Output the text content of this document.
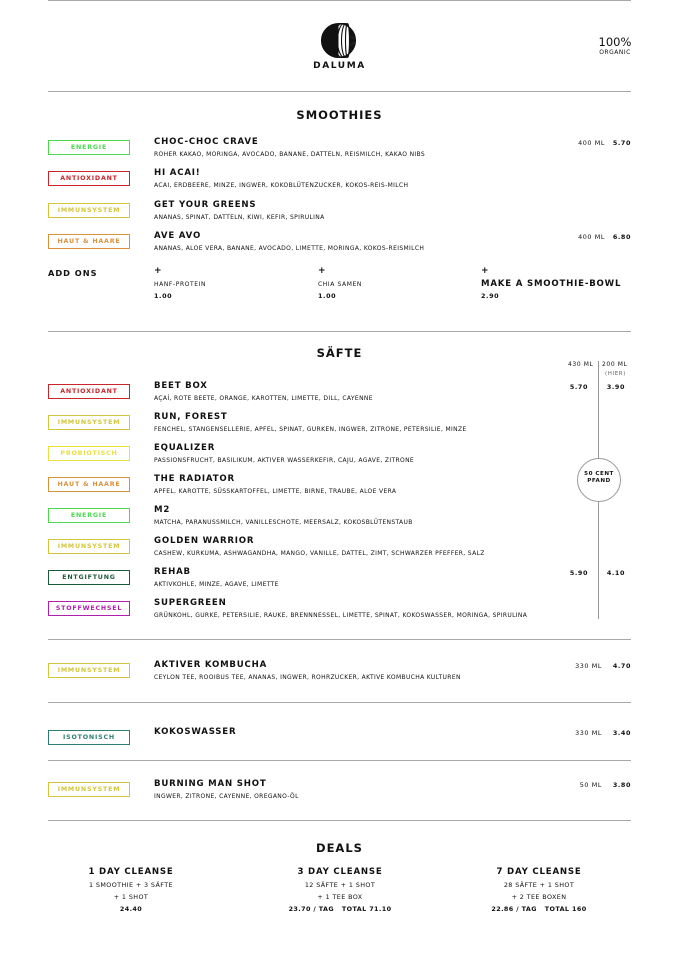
DALUMA
100%
ORGANIC
SMOOTHIES
ENERGIE
CHOC-CHOC CRAVE
ROHER KAKAO, MORINGA, AVOCADO, BANANE, DATTELN, REISMILCH, KAKAO NIBS
400 ML 5.70
ANTIOXIDANT
HI ACAI!
ACAI, ERDBEERE, MINZE, INGWER, KOKOBLÜTENZUCKER, KOKOS-REIS-MILCH
IMMUNSYSTEM
GET YOUR GREENS
ANANAS, SPINAT, DATTELN, KIWI, KEFIR, SPIRULINA
HAUT & HAARE
AVE AVO
ANANAS, ALOE VERA, BANANE, AVOCADO, LIMETTE, MORINGA, KOKOS-REISMILCH
400 ML 6.80
ADD ONS	+
HANF-PROTEIN
1.00
+
CHIA SAMEN
1.00
+
MAKE A SMOOTHIE-BOWL
2.90
SÄFTE
430 ML 200 ML
(HIER)
50 CENT
PFAND
ANTIOXIDANT
BEET BOX
AÇAÍ, ROTE BEETE, ORANGE, KAROTTEN, LIMETTE, DILL, CAYENNE
5.70	3.90
IMMUNSYSTEM
RUN, FOREST
FENCHEL, STANGENSELLERIE, APFEL, SPINAT, GURKEN, INGWER, ZITRONE, PETERSILIE, MINZE
PROBIOTISCH
EQUALIZER
PASSIONSFRUCHT, BASILIKUM, AKTIVER WASSERKEFIR, CAJU, AGAVE, ZITRONE
HAUT & HAARE
THE RADIATOR
APFEL, KAROTTE, SÜSSKARTOFFEL, LIMETTE, BIRNE, TRAUBE, ALOE VERA
ENERGIE
M2
MATCHA, PARANUSSMILCH, VANILLESCHOTE, MEERSALZ, KOKOSBLÜTENSTAUB
IMMUNSYSTEM
GOLDEN WARRIOR
CASHEW, KURKUMA, ASHWAGANDHA, MANGO, VANILLE, DATTEL, ZIMT, SCHWARZER PFEFFER, SALZ
ENTGIFTUNG
REHAB
AKTIVKOHLE, MINZE, AGAVE, LIMETTE
5.90	4.10
STOFFWECHSEL
SUPERGREEN
GRÜNKOHL, GURKE, PETERSILIE, RAUKE, BRENNNESSEL, LIMETTE, SPINAT, KOKOSWASSER, MORINGA, SPIRULINA
IMMUNSYSTEM
AKTIVER KOMBUCHA
CEYLON TEE, ROOIBUS TEE, ANANAS, INGWER, ROHRZUCKER, AKTIVE KOMBUCHA KULTUREN
330 ML 4.70
ISOTONISCH
KOKOSWASSER	330 ML 3.40
IMMUNSYSTEM
BURNING MAN SHOT
INGWER, ZITRONE, CAYENNE, OREGANO-ÖL
50 ML 3.80
DEALS
1 DAY CLEANSE
1 SMOOTHIE + 3 SÄFTE
+ 1 SHOT
24.40
3 DAY CLEANSE
12 SÄFTE + 1 SHOT
+ 1 TEE BOX
23.70 / TAG   TOTAL 71.10
7 DAY CLEANSE
28 SÄFTE + 1 SHOT
+ 2 TEE BOXEN
22.86 / TAG   TOTAL 160
